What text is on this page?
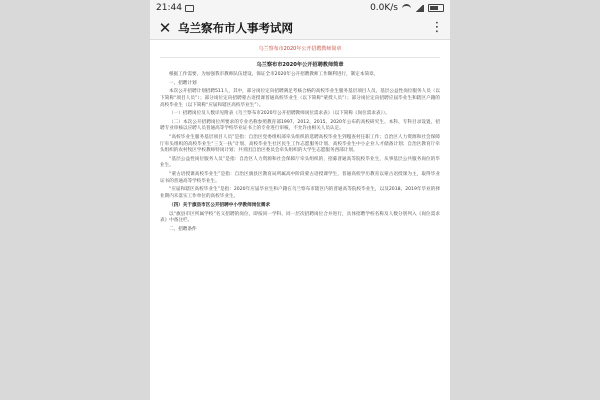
21:44	0.0K/s
✕ 乌兰察布市人事考试网	⋮
乌兰察布市2020年公开招聘教师简章
乌兰察布市2020年公开招聘教师简章

根据工作需要，为加强我市教师队伍建设，保证全市2020年公开招聘教师工作顺利进行，制定本简章。

一、招聘计划

本次公开招聘计划招聘511人，其中，部分岗位定向招聘满足考核合格的高校毕业生服务基层项目人员、基层公益性岗位服务人员（以下简称“项目人员”）；部分岗位定向招聘蒙古语授课普通高校毕业生（以下简称“蒙授人员”）；部分岗位定向招聘应届毕业生和辖区户籍的高校毕业生（以下简称“应届和辖区高校毕业生”）。

（一）招聘岗位及人数详见附表《乌兰察布市2020年公开招聘教师岗位需求表》（以下简称《岗位需求表》）。

（二）本次公开招聘岗位所要求的专业名称参照教育部1997、2012、2015、2020年公布的高校研究生、本科、专科目录设置，招聘专业审核以应聘人员普通高等学校毕业证书上的专业进行审核，不允许由相关人员认定。

“高校毕业生服务基层项目人员”是指：自治区党委组织部牵头组织的选聘高校毕业生到嘎查村任职工作；自治区人力资源和社会保障厅牵头组织的高校毕业生“三支一扶”计划、高校毕业生社区民生工作志愿服务计划、高校毕业生中小企业人才储备计划；自治区教育厅牵头组织的农村牧区学校教师特岗计划；共青团自治区委员会牵头组织的大学生志愿服务西部计划。

“基层公益性岗位服务人员”是指：自治区人力资源和社会保障厅牵头组织的，招募普通高等院校毕业生，从事基层公共服务岗位的毕业生。

“蒙古语授课高校毕业生”是指：自治区旗县区教育局所属高中阶段蒙古语授课学生，普通高校学历教育以蒙古语授课为主，取得毕业证书的普通高等学校毕业生。

“应届和辖区高校毕业生”是指：2020年应届毕业生和户籍在乌兰察布市辖区内的普通高等院校毕业生，以及2018、2019年毕业的择业期内未落实工作单位的高校毕业生。

（四）关于旗县市区公开招聘中小学教师岗位需求

以“旗县市区所属学校”名义招聘的岗位，即按同一学科、同一层次招聘岗位合并进行，具体招聘学校名称及人数分别列入《岗位需求表》中备注栏。

二、招聘条件
